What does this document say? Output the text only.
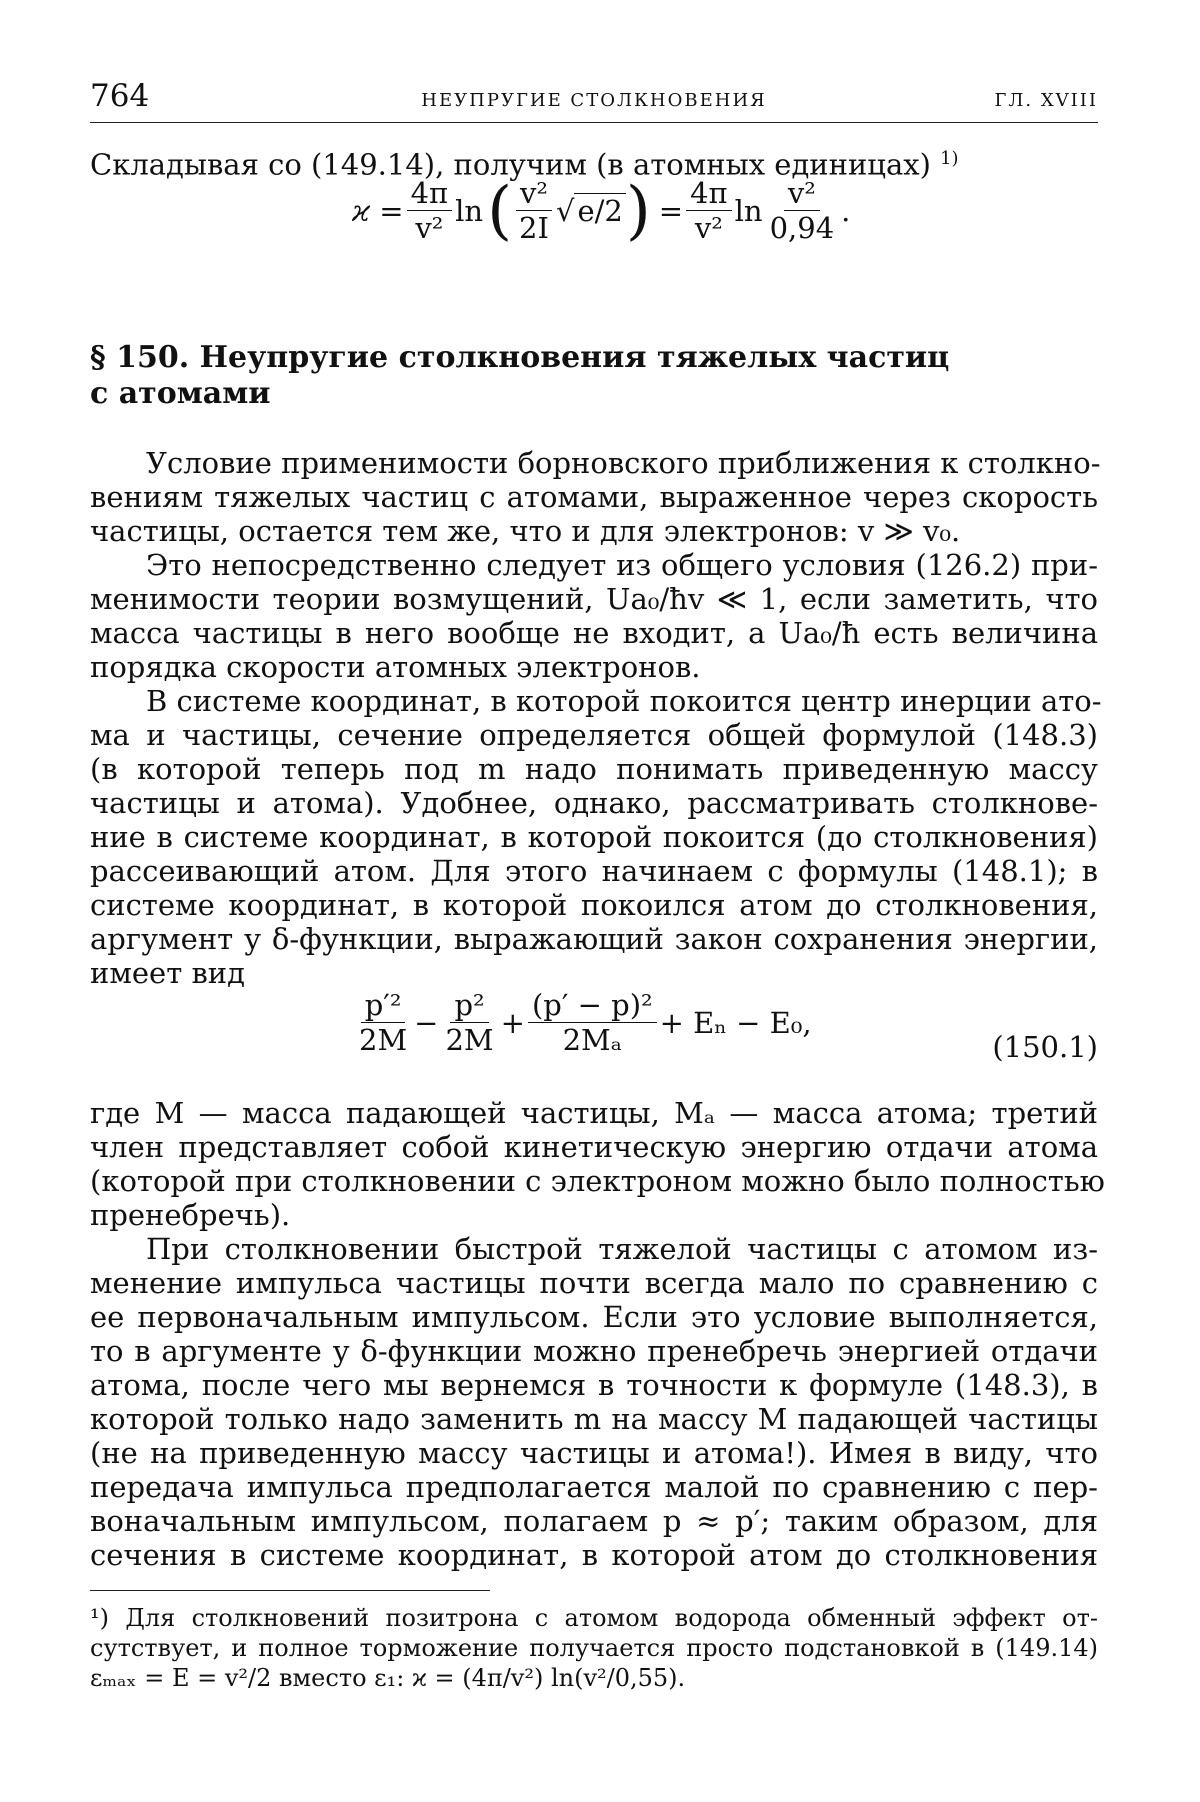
764	НЕУПРУГИЕ СТОЛКНОВЕНИЯ	ГЛ. XVIII
Складывая со (149.14), получим (в атомных единицах) $^{1)}$
$ϰ = \frac{4\pi}{\text{v²}}$ ln ( $\frac{\text{v²}}{2I}$ √ e/2 ) = $\frac{4\pi}{\text{v²}}$ $\ln \frac{\text{v²}}{0,94}$ .
§ 150. Неупругие столкновения тяжелых частиц
с атомами
Условие применимости борновского приближения к столкно-
вениям тяжелых частиц с атомами, выраженное через скорость
частицы, остается тем же, что и для электронов: v ≫ v₀.
Это непосредственно следует из общего условия (126.2) при-
менимости теории возмущений, Ua₀/ħv ≪ 1, если заметить, что
масса частицы в него вообще не входит, а Ua₀/ħ есть величина
порядка скорости атомных электронов.
В системе координат, в которой покоится центр инерции ато-
ма и частицы, сечение определяется общей формулой (148.3)
(в которой теперь под m надо понимать приведенную массу
частицы и атома). Удобнее, однако, рассматривать столкнове-
ние в системе координат, в которой покоится (до столкновения)
рассеивающий атом. Для этого начинаем с формулы (148.1); в
системе координат, в которой покоился атом до столкновения,
аргумент у δ-функции, выражающий закон сохранения энергии,
имеет вид
$\frac{\text{p′²}}{2M} - \frac{\text{p²}}{2M} + \frac{\text{(p′ − p)²}}{\text{2Mₐ}} + E_n - E_0$,
(150.1)
где M — масса падающей частицы, Mₐ — масса атома; третий
член представляет собой кинетическую энергию отдачи атома
(которой при столкновении с электроном можно было полностью
пренебречь).
При столкновении быстрой тяжелой частицы с атомом из-
менение импульса частицы почти всегда мало по сравнению с
ее первоначальным импульсом. Если это условие выполняется,
то в аргументе у δ-функции можно пренебречь энергией отдачи
атома, после чего мы вернемся в точности к формуле (148.3), в
которой только надо заменить m на массу M падающей частицы
(не на приведенную массу частицы и атома!). Имея в виду, что
передача импульса предполагается малой по сравнению с пер-
воначальным импульсом, полагаем p ≈ p′; таким образом, для
сечения в системе координат, в которой атом до столкновения
¹) Для столкновений позитрона с атомом водорода обменный эффект от-
сутствует, и полное торможение получается просто подстановкой в (149.14)
εₘₐₓ = E = v²/2 вместо ε₁: ϰ = (4π/v²) ln(v²/0,55).
